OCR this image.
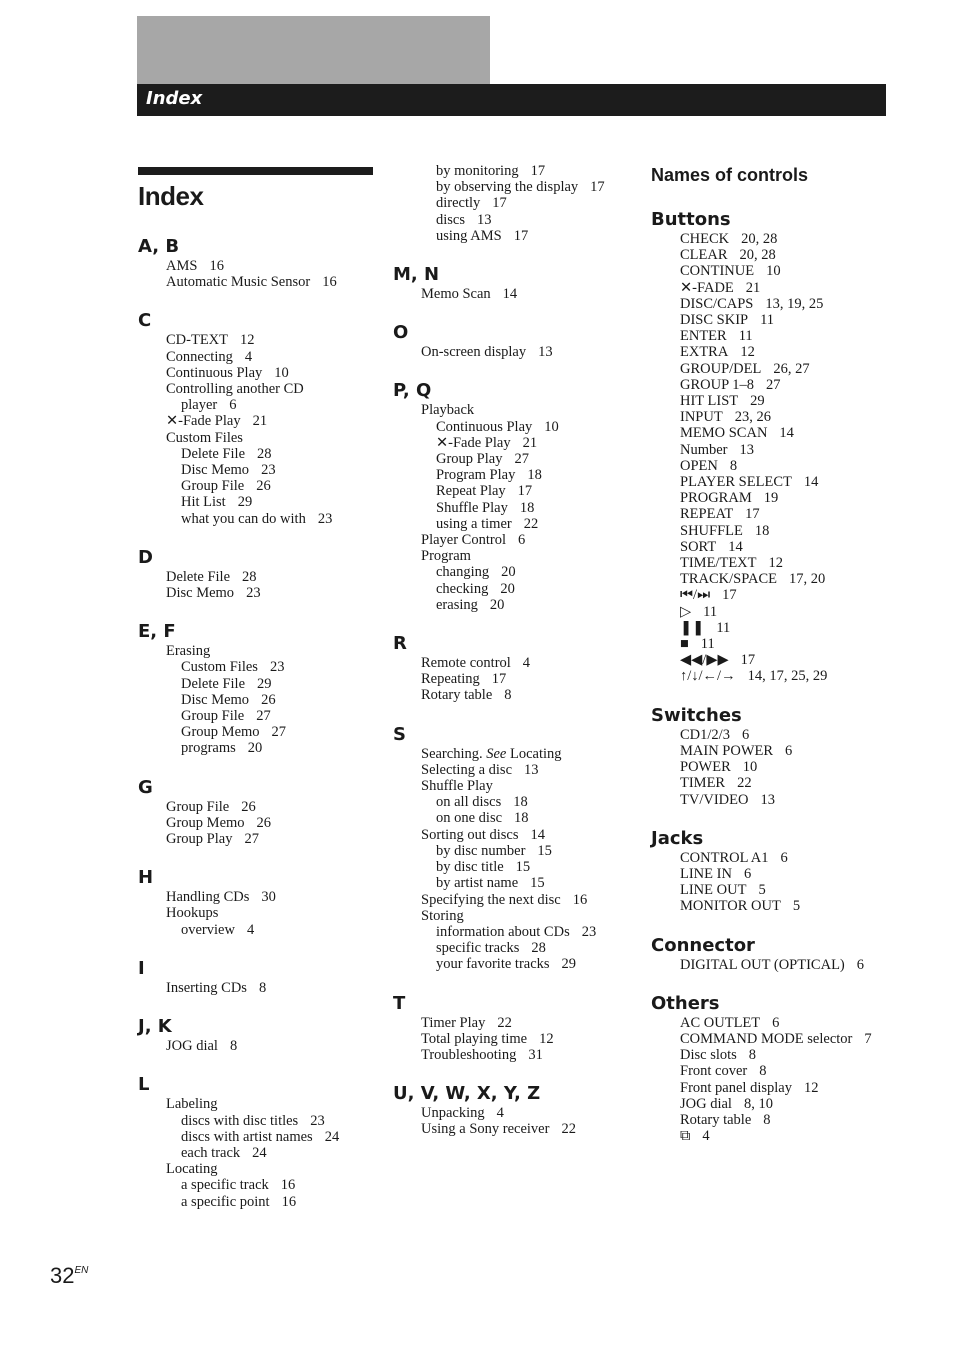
Index
Index
A, B
AMS 16
Automatic Music Sensor 16
C
CD-TEXT 12
Connecting 4
Continuous Play 10
Controlling another CD
player 6
✕-Fade Play 21
Custom Files
Delete File 28
Disc Memo 23
Group File 26
Hit List 29
what you can do with 23
D
Delete File 28
Disc Memo 23
E, F
Erasing
Custom Files 23
Delete File 29
Disc Memo 26
Group File 27
Group Memo 27
programs 20
G
Group File 26
Group Memo 26
Group Play 27
H
Handling CDs 30
Hookups
overview 4
I
Inserting CDs 8
J, K
JOG dial 8
L
Labeling
discs with disc titles 23
discs with artist names 24
each track 24
Locating
a specific track 16
a specific point 16
by monitoring 17
by observing the display 17
directly 17
discs 13
using AMS 17
M, N
Memo Scan 14
O
On-screen display 13
P, Q
Playback
Continuous Play 10
✕-Fade Play 21
Group Play 27
Program Play 18
Repeat Play 17
Shuffle Play 18
using a timer 22
Player Control 6
Program
changing 20
checking 20
erasing 20
R
Remote control 4
Repeating 17
Rotary table 8
S
Searching. See Locating
Selecting a disc 13
Shuffle Play
on all discs 18
on one disc 18
Sorting out discs 14
by disc number 15
by disc title 15
by artist name 15
Specifying the next disc 16
Storing
information about CDs 23
specific tracks 28
your favorite tracks 29
T
Timer Play 22
Total playing time 12
Troubleshooting 31
U, V, W, X, Y, Z
Unpacking 4
Using a Sony receiver 22
Names of controls
Buttons
CHECK 20, 28
CLEAR 20, 28
CONTINUE 10
✕-FADE 21
DISC/CAPS 13, 19, 25
DISC SKIP 11
ENTER 11
EXTRA 12
GROUP/DEL 26, 27
GROUP 1–8 27
HIT LIST 29
INPUT 23, 26
MEMO SCAN 14
Number 13
OPEN 8
PLAYER SELECT 14
PROGRAM 19
REPEAT 17
SHUFFLE 18
SORT 14
TIME/TEXT 12
TRACK/SPACE 17, 20
⏮/⏭ 17
▷ 11
❚❚ 11
■ 11
◀◀/▶▶ 17
↑/↓/←/→ 14, 17, 25, 29
Switches
CD1/2/3 6
MAIN POWER 6
POWER 10
TIMER 22
TV/VIDEO 13
Jacks
CONTROL A1 6
LINE IN 6
LINE OUT 5
MONITOR OUT 5
Connector
DIGITAL OUT (OPTICAL) 6
Others
AC OUTLET 6
COMMAND MODE selector 7
Disc slots 8
Front cover 8
Front panel display 12
JOG dial 8, 10
Rotary table 8
⧉ 4
$32^{EN}$
